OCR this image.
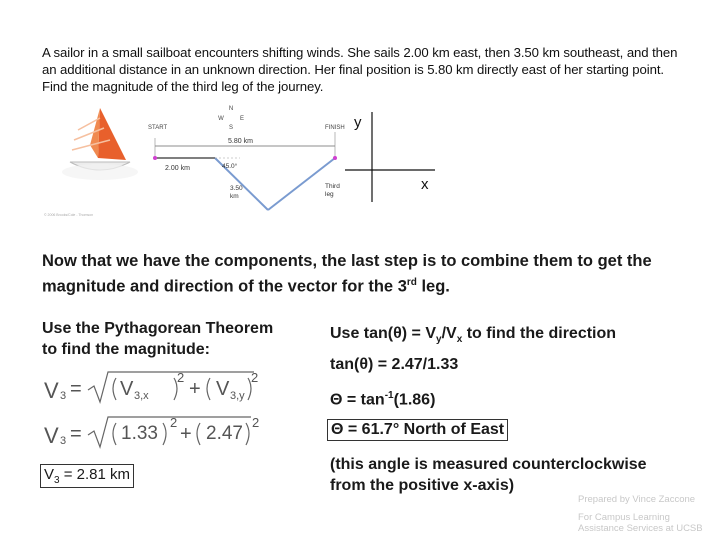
A sailor in a small sailboat encounters shifting winds. She sails 2.00 km east, then 3.50 km southeast, and then an additional distance in an unknown direction. Her final position is 5.80 km directly east of her starting point. Find the magnitude of the third leg of the journey.
N
W	E
S
START	FINISH
5.80 km
2.00 km	45.0°
3.50
km
Third
leg
© 2006 Brooks/Cole - Thomson
y
x
Now that we have the components, the last step is to combine them to get the
magnitude and direction of the vector for the 3rd leg.
Use the Pythagorean Theorem
to find the magnitude:
V 3 = V 3,x
2
+ V 3,y
2
V 3 = 1.33
2
+ 2.47
2
$V_3 = 2.81$ km
Use $\tan(\theta) = V_y/V_x$ to find the direction
tan(θ) = 2.47/1.33
$\Theta = \tan^{-1}(1.86)$
Θ = 61.7° North of East
(this angle is measured counterclockwise
from the positive x-axis)
Prepared by Vince Zaccone
For Campus Learning
Assistance Services at UCSB
